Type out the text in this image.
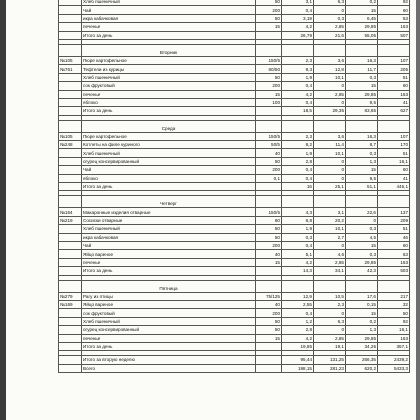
	Хлеб пшеничный	50	3,1	6,3	0,2	92
	Чай	200	0,4	0	15	60
	икра кабачковая	50	3,19	0,3	6,45	53
	печенье	15	4,2	2,85	29,85	163
	Итого за день		26,79	21,6	55,05	507

	Вторник					
№105	Пюре картофельное	150/5	2,3	3,6	16,3	107
№761	Тефтели из курицы	60/50	9,3	12,8	11,7	205
	Хлеб пшеничный	50	1,9	10,1	0,3	51
	сок фруктовый	200	0,4	0	15	60
	печенье	15	4,2	2,85	29,85	163
	яблоко	100	0,4	0	9,5	41
	Итого за день		18,5	29,35	83,65	627

	Среда					
№105	Пюре картофельное	150/5	2,3	3,6	16,3	107
№248	Котлеты на филе куриного	50/5	8,2	11,4	8,7	170
	Хлеб пшеничный	40	1,9	10,1	0,3	51
	огурец консервированный	50	2,8	0	1,3	16,1
	Чай	200	0,4	0	15	60
	яблоко	0,1	0,4	0	9,5	41
	Итого за день		16	25,1	51,1	445,1

	Четверг					
№164	Макаронные изделия отварные	150/5	4,3	3,1	22,6	137
№219	Сосиски отварные	60	6,8	20,2	0	209
	Хлеб пшеничный	50	1,9	10,1	0,3	51
	икра кабачковая	50	0,3	2,7	4,5	46
	Чай	200	0,4	0	15	60
	Яйцо вареное	40	5,1	4,6	0,3	63
	печенье	15	4,2	2,85	29,85	163
	Итого за день		14,3	34,1	42,3	503

	Пятница					
№279	Рагу из птицы	75/125	12,9	10,5	17,6	217
№169	Яйцо вареное	40	2,55	2,3	0,15	32
	сок фруктовый	200	0,4	0	15	50
	Хлеб пшеничный	50	1,2	6,3	0,2	92
	огурец консервированный	50	2,8	0	1,3	16,1
	печенье	15	4,2	2,85	29,85	163
	Итого за день		19,85	19,1	34,25	357,1

	Итого за вторую неделю		95,44	131,25	266,35	2439,2
	Всего		198,15	281,23	620,2	5433,3
